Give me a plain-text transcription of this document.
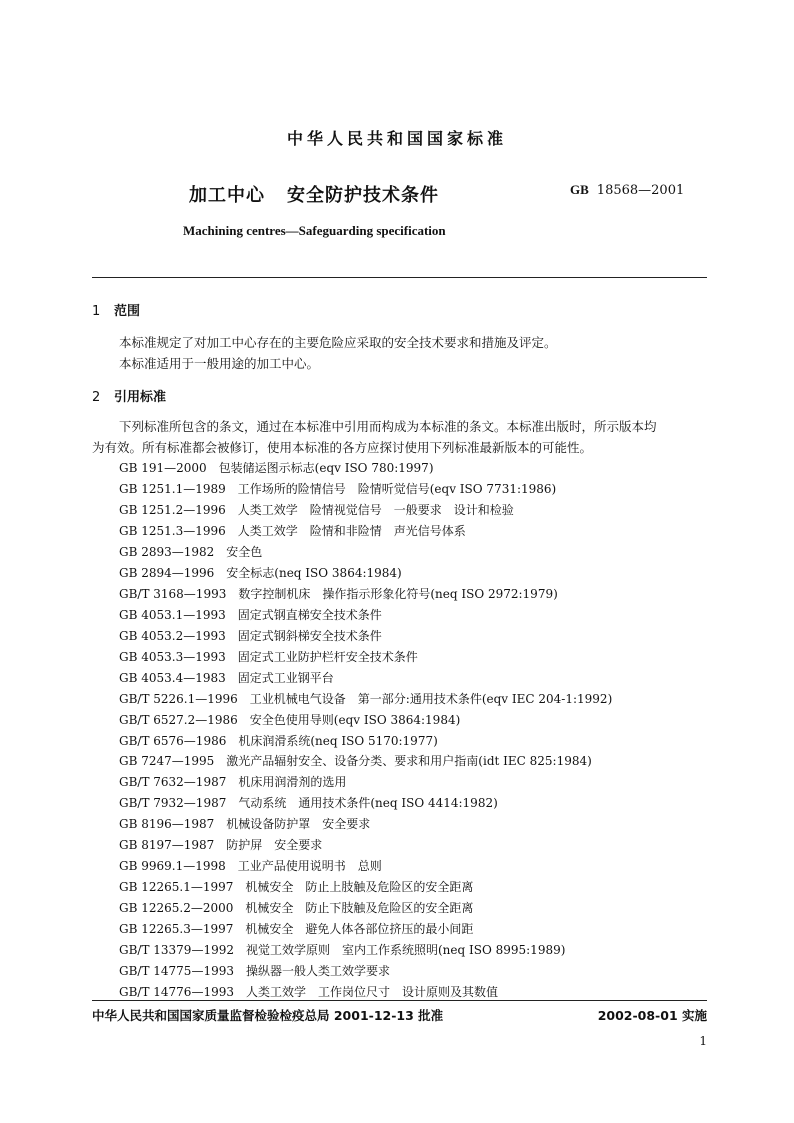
中华人民共和国国家标准
加工中心 安全防护技术条件	GB 18568—2001
Machining centres—Safeguarding specification
1 范围
本标准规定了对加工中心存在的主要危险应采取的安全技术要求和措施及评定。
本标准适用于一般用途的加工中心。
2 引用标准
下列标准所包含的条文，通过在本标准中引用而构成为本标准的条文。本标准出版时，所示版本均
为有效。所有标准都会被修订，使用本标准的各方应探讨使用下列标准最新版本的可能性。
GB 191—2000　包装储运图示标志(eqv ISO 780:1997)
GB 1251.1—1989　工作场所的险情信号　险情听觉信号(eqv ISO 7731:1986)
GB 1251.2—1996　人类工效学　险情视觉信号　一般要求　设计和检验
GB 1251.3—1996　人类工效学　险情和非险情　声光信号体系
GB 2893—1982　安全色
GB 2894—1996　安全标志(neq ISO 3864:1984)
GB/T 3168—1993　数字控制机床　操作指示形象化符号(neq ISO 2972:1979)
GB 4053.1—1993　固定式钢直梯安全技术条件
GB 4053.2—1993　固定式钢斜梯安全技术条件
GB 4053.3—1993　固定式工业防护栏杆安全技术条件
GB 4053.4—1983　固定式工业钢平台
GB/T 5226.1—1996　工业机械电气设备　第一部分:通用技术条件(eqv IEC 204-1:1992)
GB/T 6527.2—1986　安全色使用导则(eqv ISO 3864:1984)
GB/T 6576—1986　机床润滑系统(neq ISO 5170:1977)
GB 7247—1995　激光产品辐射安全、设备分类、要求和用户指南(idt IEC 825:1984)
GB/T 7632—1987　机床用润滑剂的选用
GB/T 7932—1987　气动系统　通用技术条件(neq ISO 4414:1982)
GB 8196—1987　机械设备防护罩　安全要求
GB 8197—1987　防护屏　安全要求
GB 9969.1—1998　工业产品使用说明书　总则
GB 12265.1—1997　机械安全　防止上肢触及危险区的安全距离
GB 12265.2—2000　机械安全　防止下肢触及危险区的安全距离
GB 12265.3—1997　机械安全　避免人体各部位挤压的最小间距
GB/T 13379—1992　视觉工效学原则　室内工作系统照明(neq ISO 8995:1989)
GB/T 14775—1993　操纵器一般人类工效学要求
GB/T 14776—1993　人类工效学　工作岗位尺寸　设计原则及其数值
中华人民共和国国家质量监督检验检疫总局 2001-12-13 批准	2002-08-01 实施
1
